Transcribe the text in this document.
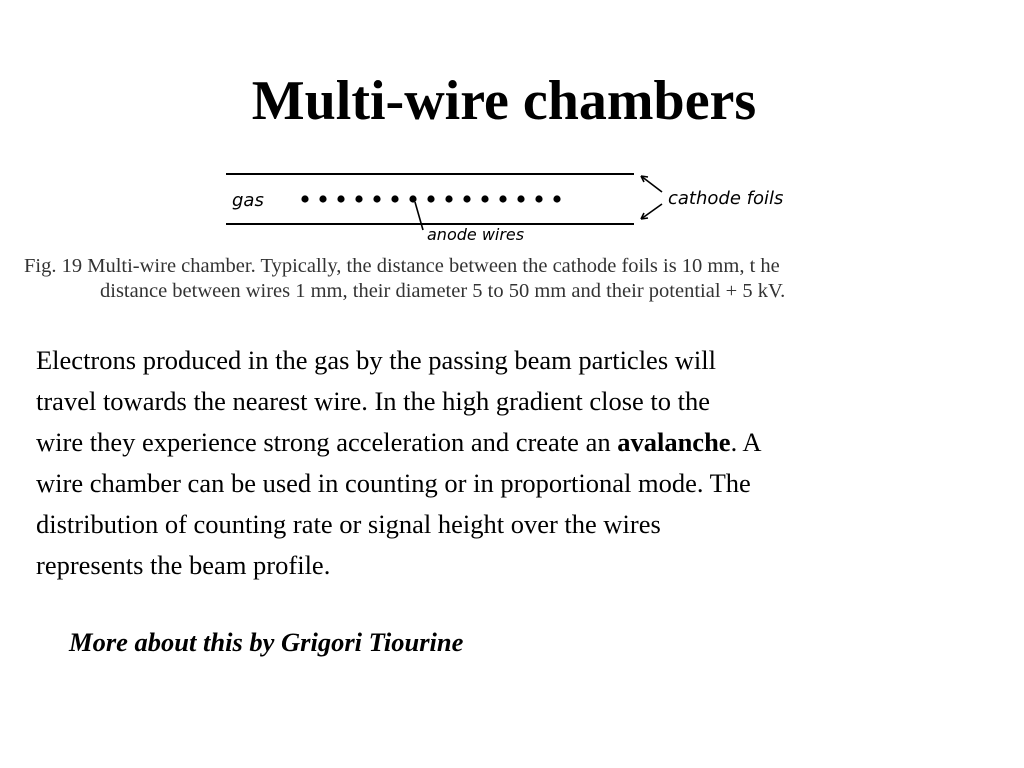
Multi-wire chambers
gas	cathode foils
anode wires
Fig. 19 Multi-wire chamber. Typically, the distance between the cathode foils is 10 mm, t he
distance between wires 1 mm, their diameter 5 to 50 mm and their potential + 5 kV.
Electrons produced in the gas by the passing beam particles will
travel towards the nearest wire. In the high gradient close to the
wire they experience strong acceleration and create an avalanche. A
wire chamber can be used in counting or in proportional mode. The
distribution of counting rate or signal height over the wires
represents the beam profile.
More about this by Grigori Tiourine
